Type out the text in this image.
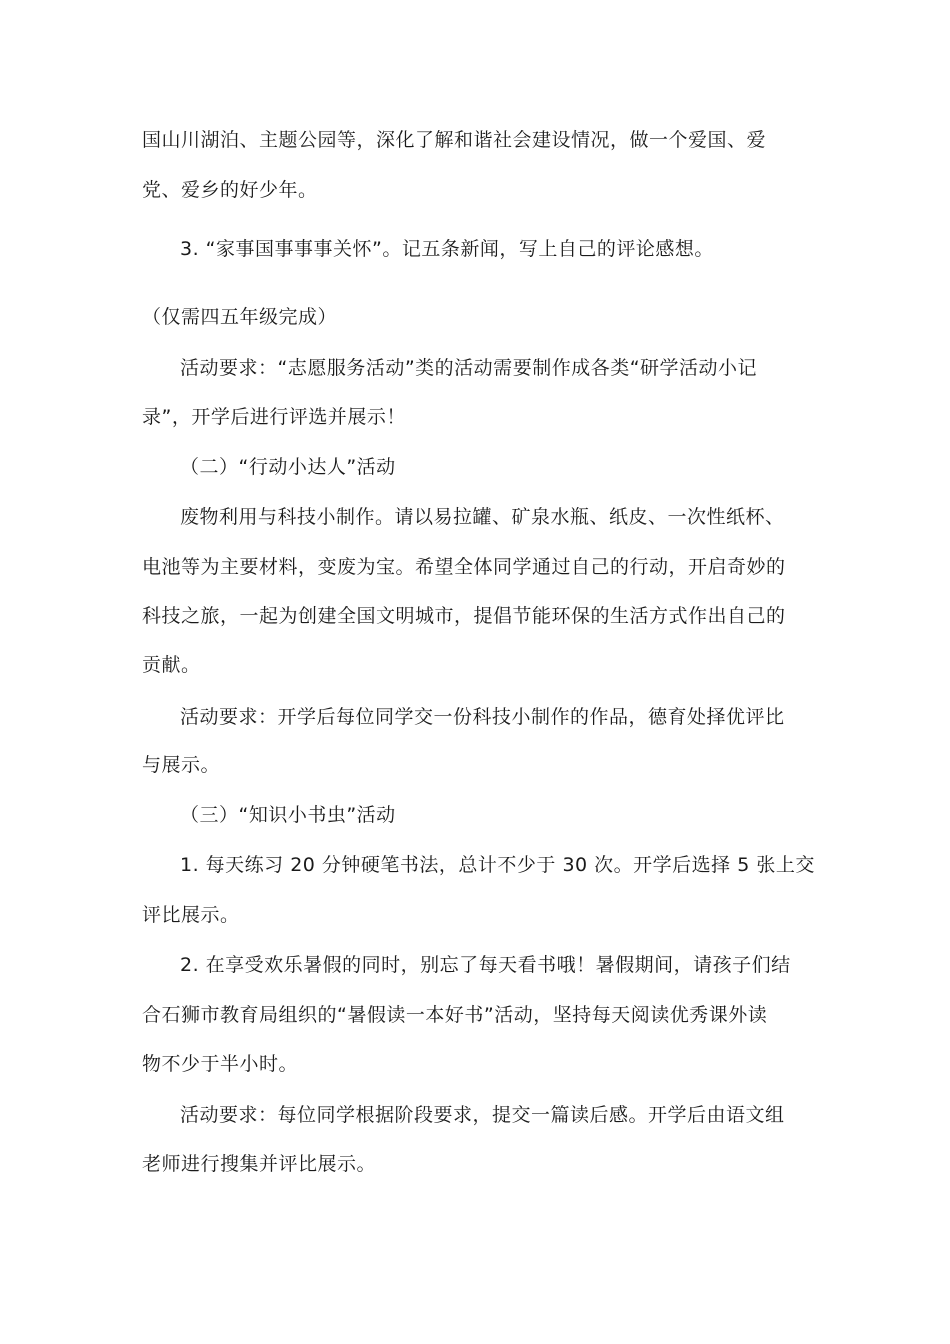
国山川湖泊、主题公园等，深化了解和谐社会建设情况，做一个爱国、爱
党、爱乡的好少年。
3. “家事国事事事关怀”。记五条新闻，写上自己的评论感想。
（仅需四五年级完成）
活动要求：“志愿服务活动”类的活动需要制作成各类“研学活动小记
录”，开学后进行评选并展示！
（二）“行动小达人”活动
废物利用与科技小制作。请以易拉罐、矿泉水瓶、纸皮、一次性纸杯、
电池等为主要材料，变废为宝。希望全体同学通过自己的行动，开启奇妙的
科技之旅，一起为创建全国文明城市，提倡节能环保的生活方式作出自己的
贡献。
活动要求：开学后每位同学交一份科技小制作的作品，德育处择优评比
与展示。
（三）“知识小书虫”活动
1. 每天练习 20 分钟硬笔书法，总计不少于 30 次。开学后选择 5 张上交
评比展示。
2. 在享受欢乐暑假的同时，别忘了每天看书哦！暑假期间，请孩子们结
合石狮市教育局组织的“暑假读一本好书”活动，坚持每天阅读优秀课外读
物不少于半小时。
活动要求：每位同学根据阶段要求，提交一篇读后感。开学后由语文组
老师进行搜集并评比展示。
